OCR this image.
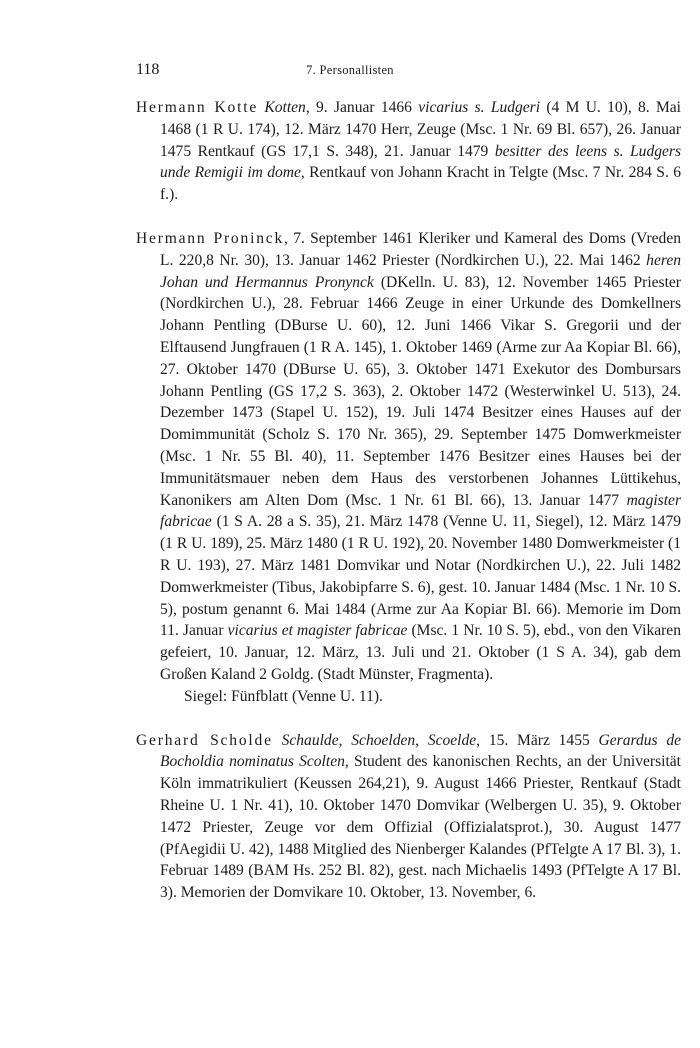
118	7. Personallisten

Hermann Kotte Kotten, 9. Januar 1466 vicarius s. Ludgeri (4 M U. 10), 8. Mai 1468 (1 R U. 174), 12. März 1470 Herr, Zeuge (Msc. 1 Nr. 69 Bl. 657), 26. Januar 1475 Rentkauf (GS 17,1 S. 348), 21. Januar 1479 besitter des leens s. Ludgers unde Remigii im dome, Rentkauf von Johann Kracht in Telgte (Msc. 7 Nr. 284 S. 6 f.).

Hermann Proninck, 7. September 1461 Kleriker und Kameral des Doms (Vreden L. 220,8 Nr. 30), 13. Januar 1462 Priester (Nordkirchen U.), 22. Mai 1462 heren Johan und Hermannus Pronynck (DKelln. U. 83), 12. November 1465 Priester (Nordkirchen U.), 28. Februar 1466 Zeuge in einer Urkunde des Domkellners Johann Pentling (DBurse U. 60), 12. Juni 1466 Vikar S. Gregorii und der Elftausend Jungfrauen (1 R A. 145), 1. Oktober 1469 (Arme zur Aa Kopiar Bl. 66), 27. Oktober 1470 (DBurse U. 65), 3. Oktober 1471 Exekutor des Dombursars Johann Pentling (GS 17,2 S. 363), 2. Oktober 1472 (Westerwinkel U. 513), 24. Dezember 1473 (Stapel U. 152), 19. Juli 1474 Besitzer eines Hauses auf der Domimmunität (Scholz S. 170 Nr. 365), 29. September 1475 Domwerkmeister (Msc. 1 Nr. 55 Bl. 40), 11. September 1476 Besitzer eines Hauses bei der Immunitätsmauer neben dem Haus des verstorbenen Johannes Lüttikehus, Kanonikers am Alten Dom (Msc. 1 Nr. 61 Bl. 66), 13. Januar 1477 magister fabricae (1 S A. 28 a S. 35), 21. März 1478 (Venne U. 11, Siegel), 12. März 1479 (1 R U. 189), 25. März 1480 (1 R U. 192), 20. November 1480 Domwerkmeister (1 R U. 193), 27. März 1481 Domvikar und Notar (Nordkirchen U.), 22. Juli 1482 Domwerkmeister (Tibus, Jakobipfarre S. 6), gest. 10. Januar 1484 (Msc. 1 Nr. 10 S. 5), postum genannt 6. Mai 1484 (Arme zur Aa Kopiar Bl. 66). Memorie im Dom 11. Januar vicarius et magister fabricae (Msc. 1 Nr. 10 S. 5), ebd., von den Vikaren gefeiert, 10. Januar, 12. März, 13. Juli und 21. Oktober (1 S A. 34), gab dem Großen Kaland 2 Goldg. (Stadt Münster, Fragmenta).
Siegel: Fünfblatt (Venne U. 11).

Gerhard Scholde Schaulde, Schoelden, Scoelde, 15. März 1455 Gerardus de Bocholdia nominatus Scolten, Student des kanonischen Rechts, an der Universität Köln immatrikuliert (Keussen 264,21), 9. August 1466 Priester, Rentkauf (Stadt Rheine U. 1 Nr. 41), 10. Oktober 1470 Domvikar (Welbergen U. 35), 9. Oktober 1472 Priester, Zeuge vor dem Offizial (Offizialatsprot.), 30. August 1477 (PfAegidii U. 42), 1488 Mitglied des Nienberger Kalandes (PfTelgte A 17 Bl. 3), 1. Februar 1489 (BAM Hs. 252 Bl. 82), gest. nach Michaelis 1493 (PfTelgte A 17 Bl. 3). Memorien der Domvikare 10. Oktober, 13. November, 6.
